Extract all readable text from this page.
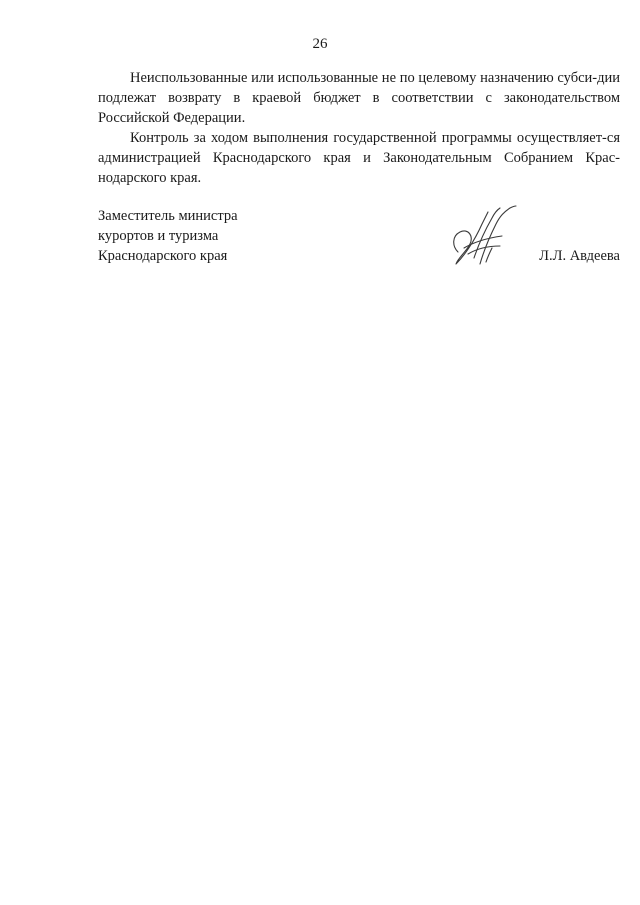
26

Неиспользованные или использованные не по целевому назначению субси-дии подлежат возврату в краевой бюджет в соответствии с законодательством Российской Федерации.

Контроль за ходом выполнения государственной программы осуществляет-ся администрацией Краснодарского края и Законодательным Собранием Крас-нодарского края.

Заместитель министра
курортов и туризма
Краснодарского края	Л.Л. Авдеева
